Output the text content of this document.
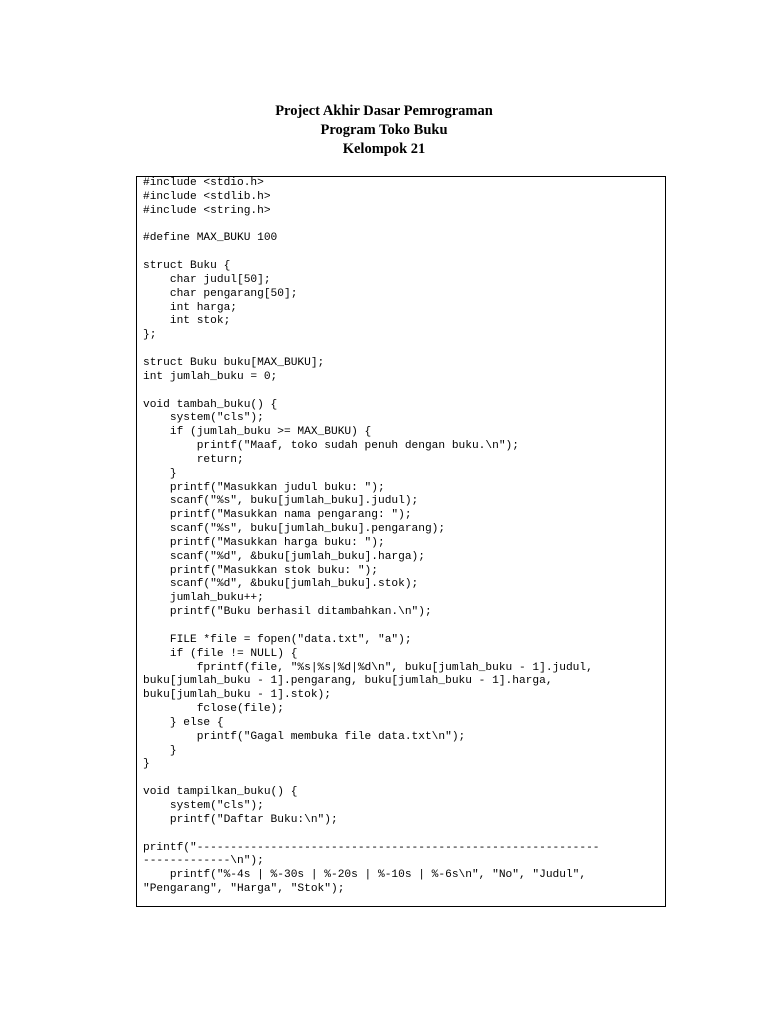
Project Akhir Dasar Pemrograman
Program Toko Buku
Kelompok 21
#include <stdio.h>
#include <stdlib.h>
#include <string.h>
#define MAX_BUKU 100
struct Buku {
char judul[50];
char pengarang[50];
int harga;
int stok;
};
struct Buku buku[MAX_BUKU];
int jumlah_buku = 0;
void tambah_buku() {
system("cls");
if (jumlah_buku >= MAX_BUKU) {
printf("Maaf, toko sudah penuh dengan buku.\n");
return;
}
printf("Masukkan judul buku: ");
scanf("%s", buku[jumlah_buku].judul);
printf("Masukkan nama pengarang: ");
scanf("%s", buku[jumlah_buku].pengarang);
printf("Masukkan harga buku: ");
scanf("%d", &buku[jumlah_buku].harga);
printf("Masukkan stok buku: ");
scanf("%d", &buku[jumlah_buku].stok);
jumlah_buku++;
printf("Buku berhasil ditambahkan.\n");
FILE *file = fopen("data.txt", "a");
if (file != NULL) {
fprintf(file, "%s|%s|%d|%d\n", buku[jumlah_buku - 1].judul,
buku[jumlah_buku - 1].pengarang, buku[jumlah_buku - 1].harga,
buku[jumlah_buku - 1].stok);
fclose(file);
} else {
printf("Gagal membuka file data.txt\n");
}
}
void tampilkan_buku() {
system("cls");
printf("Daftar Buku:\n");
printf("------------------------------------------------------------
-------------\n");
printf("%-4s | %-30s | %-20s | %-10s | %-6s\n", "No", "Judul",
"Pengarang", "Harga", "Stok");
